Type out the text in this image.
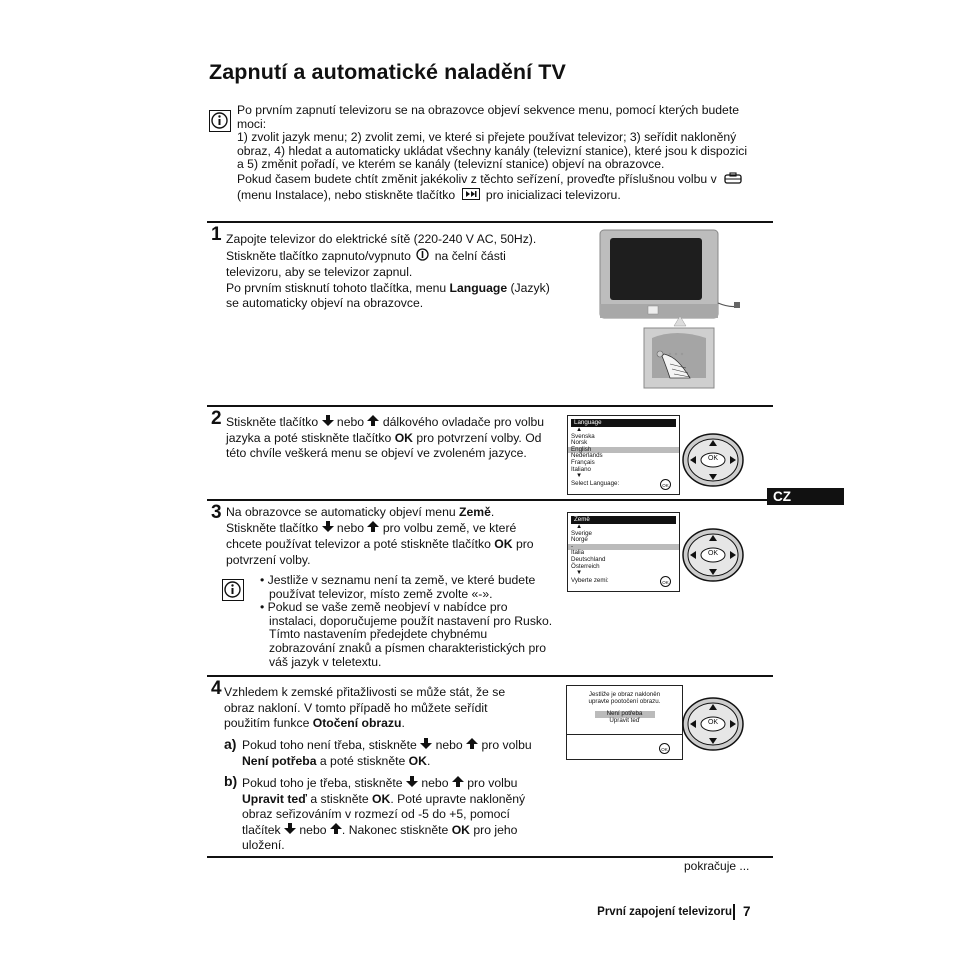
Zapnutí a automatické naladění TV
Po prvním zapnutí televizoru se na obrazovce objeví sekvence menu, pomocí kterých budete moci:
1) zvolit jazyk menu; 2) zvolit zemi, ve které si přejete používat televizor; 3) seřídit nakloněný obraz, 4) hledat a automaticky ukládat všechny kanály (televizní stanice), které jsou k dispozici a 5) změnit pořadí, ve kterém se kanály (televizní stanice) objeví na obrazovce.
Pokud časem budete chtít změnit jakékoliv z těchto seřízení, proveďte příslušnou volbu v  (menu Instalace), nebo stiskněte tlačítko	pro inicializaci televizoru.
1 Zapojte televizor do elektrické sítě (220-240 V AC, 50Hz).
Stiskněte tlačítko zapnuto/vypnuto na čelní části televizoru, aby se televizor zapnul.
Po prvním stisknutí tohoto tlačítka, menu Language (Jazyk) se automaticky objeví na obrazovce.
2 Stiskněte tlačítko nebo dálkového ovladače pro volbu jazyka a poté stiskněte tlačítko OK pro potvrzení volby. Od této chvíle veškerá menu se objeví ve zvoleném jazyce.
Language
▲
Svenska
Norsk
English
Nederlands
Français
Italiano
▼
Select Language:	OK
OK
CZ
3 Na obrazovce se automaticky objeví menu Země. Stiskněte tlačítko nebo pro volbu země, ve které chcete používat televizor a poté stiskněte tlačítko OK pro potvrzení volby.
• Jestliže v seznamu není ta země, ve které budete používat televizor, místo země zvolte «-».
• Pokud se vaše země neobjeví v nabídce pro instalaci, doporučujeme použít nastavení pro Rusko. Tímto nastavením předejdete chybnému zobrazování znaků a písmen charakteristických pro váš jazyk v teletextu.
Země
▲
Sverige
Norge
-
Italia
Deutschland
Österreich
▼
Vyberte zemi:	OK
OK
4 Vzhledem k zemské přitažlivosti se může stát, že se obraz nakloní. V tomto případě ho můžete seřídit použitím funkce Otočení obrazu.
a) Pokud toho není třeba, stiskněte nebo pro volbu Není potřeba a poté stiskněte OK.
b) Pokud toho je třeba, stiskněte nebo pro volbu Upravit teď a stiskněte OK. Poté upravte nakloněný obraz seřizováním v rozmezí od -5 do +5, pomocí tlačítek nebo . Nakonec stiskněte OK pro jeho uložení.
Jestliže je obraz nakloněn
upravte pootočení obrazu.
Není potřeba
Upravit teď
OK
OK
pokračuje ...
První zapojení televizoru 7
